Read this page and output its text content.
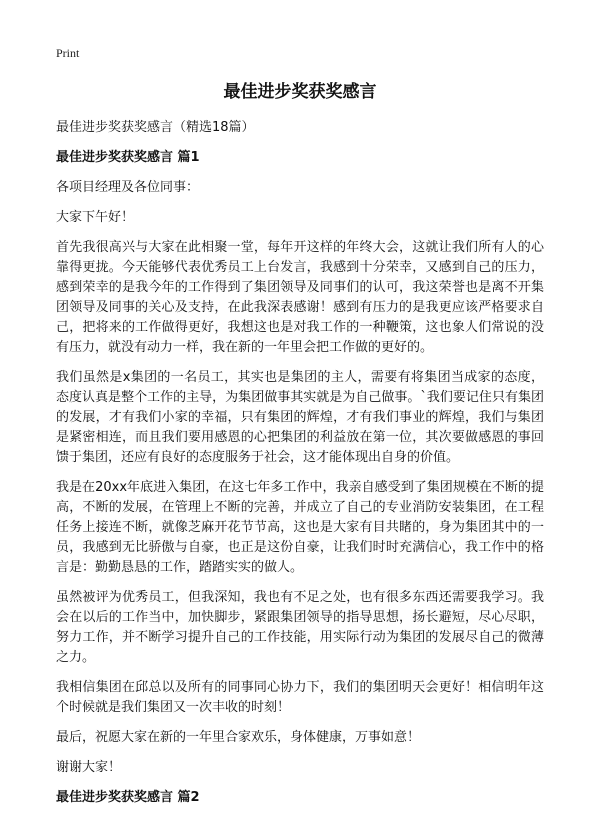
Print
最佳进步奖获奖感言

最佳进步奖获奖感言（精选18篇）

最佳进步奖获奖感言 篇1

各项目经理及各位同事：

大家下午好！

首先我很高兴与大家在此相聚一堂，每年开这样的年终大会，这就让我们所有人的心靠得更拢。今天能够代表优秀员工上台发言，我感到十分荣幸，又感到自己的压力，感到荣幸的是我今年的工作得到了集团领导及同事们的认可，我这荣誉也是离不开集团领导及同事的关心及支持，在此我深表感谢！感到有压力的是我更应该严格要求自己，把将来的工作做得更好，我想这也是对我工作的一种鞭策，这也象人们常说的没有压力，就没有动力一样，我在新的一年里会把工作做的更好的。

我们虽然是x集团的一名员工，其实也是集团的主人，需要有将集团当成家的态度，态度认真是整个工作的主导，为集团做事其实就是为自己做事。`我们要记住只有集团的发展，才有我们小家的幸福，只有集团的辉煌，才有我们事业的辉煌，我们与集团是紧密相连，而且我们要用感恩的心把集团的利益放在第一位，其次要做感恩的事回馈于集团，还应有良好的态度服务于社会，这才能体现出自身的价值。

我是在20xx年底进入集团，在这七年多工作中，我亲自感受到了集团规模在不断的提高，不断的发展，在管理上不断的完善，并成立了自己的专业消防安装集团，在工程任务上接连不断，就像芝麻开花节节高，这也是大家有目共睹的，身为集团其中的一员，我感到无比骄傲与自豪，也正是这份自豪，让我们时时充满信心，我工作中的格言是：勤勤恳恳的工作，踏踏实实的做人。

虽然被评为优秀员工，但我深知，我也有不足之处，也有很多东西还需要我学习。我会在以后的工作当中，加快脚步，紧跟集团领导的指导思想，扬长避短，尽心尽职，努力工作，并不断学习提升自己的工作技能，用实际行动为集团的发展尽自己的微薄之力。

我相信集团在邱总以及所有的同事同心协力下，我们的集团明天会更好！相信明年这个时候就是我们集团又一次丰收的时刻！

最后，祝愿大家在新的一年里合家欢乐，身体健康，万事如意！

谢谢大家！

最佳进步奖获奖感言 篇2
